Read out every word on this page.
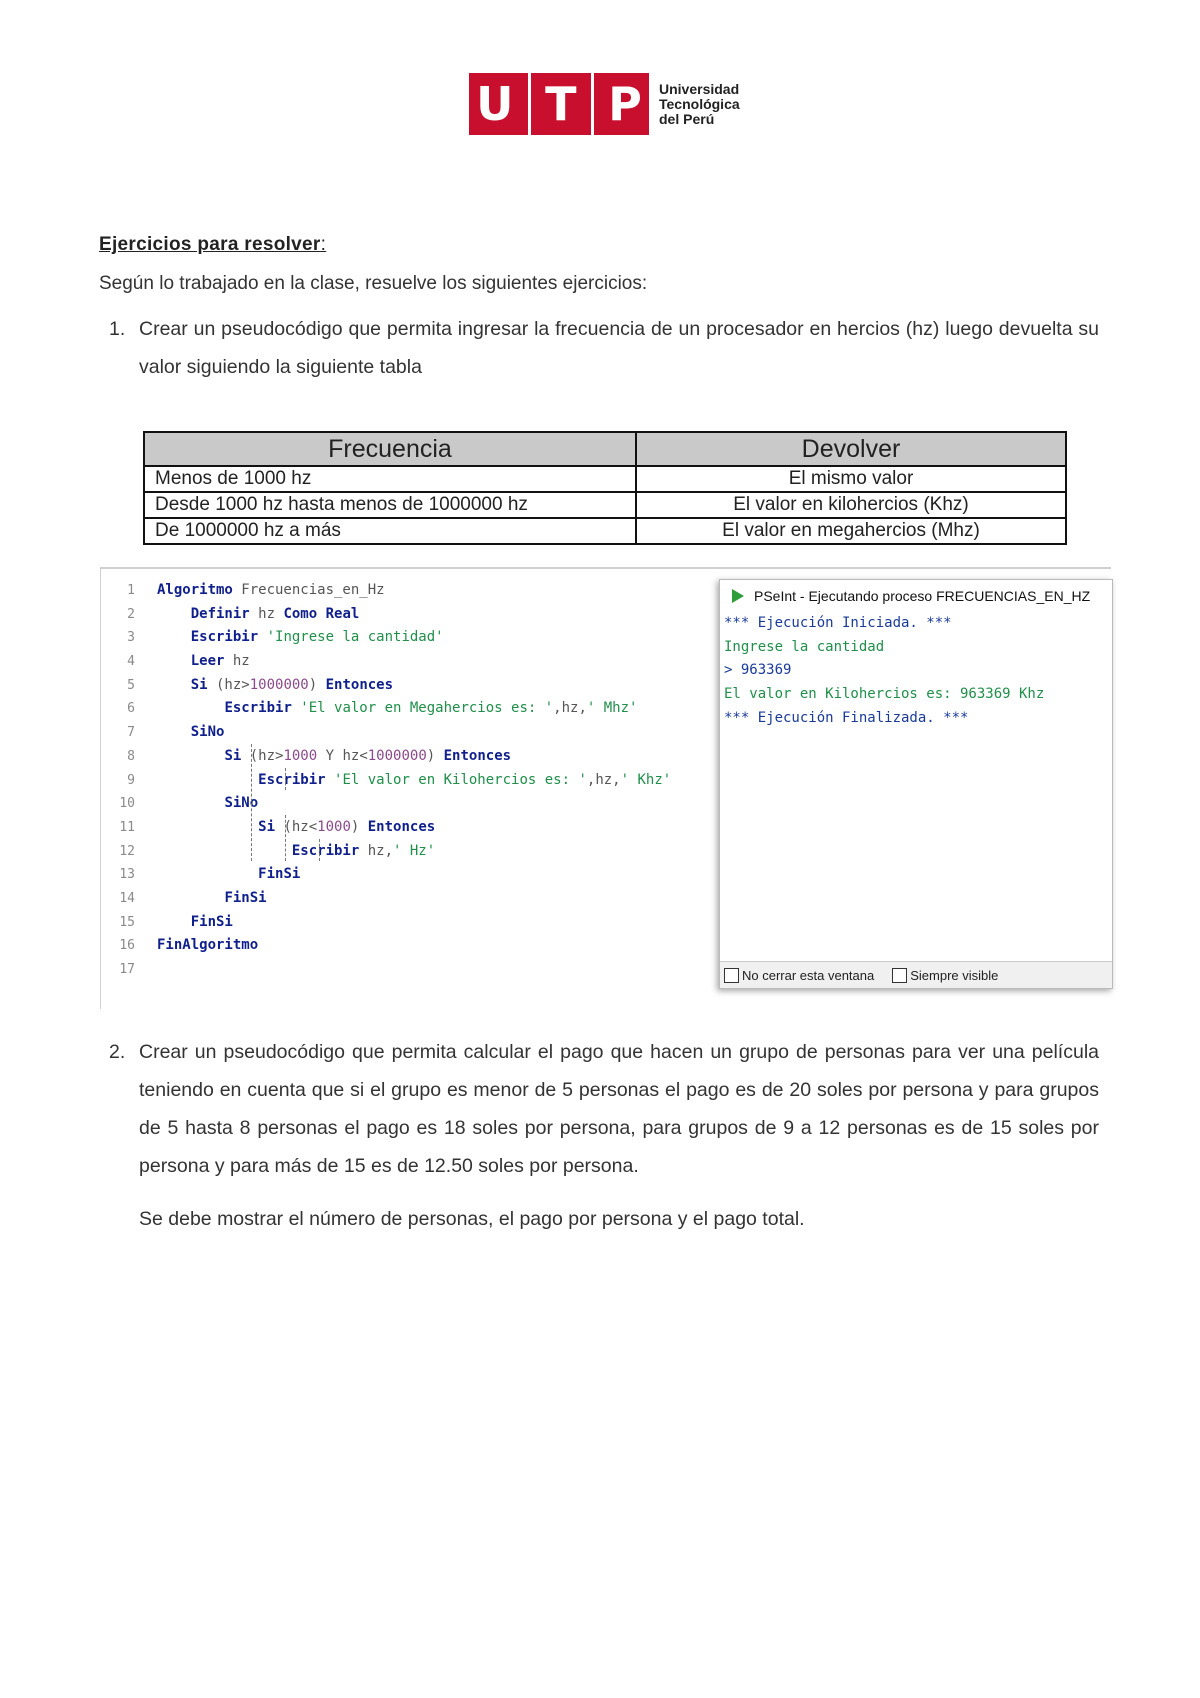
U T P Universidad
Tecnológica
del Perú
Ejercicios para resolver:
Según lo trabajado en la clase, resuelve los siguientes ejercicios:
1. Crear un pseudocódigo que permita ingresar la frecuencia de un procesador en hercios (hz) luego devuelta su valor siguiendo la siguiente tabla
Frecuencia	Devolver
Menos de 1000 hz	El mismo valor
Desde 1000 hz hasta menos de 1000000 hz	El valor en kilohercios (Khz)
De 1000000 hz a más	El valor en megahercios (Mhz)
1 Algoritmo Frecuencias_en_Hz
2	Definir hz Como Real
3	Escribir 'Ingrese la cantidad'
4	Leer hz
5	Si (hz>1000000) Entonces
6	Escribir 'El valor en Megahercios es: ',hz,' Mhz'
7	SiNo
8	Si (hz>1000 Y hz<1000000) Entonces
9	Escribir 'El valor en Kilohercios es: ',hz,' Khz'
10	SiNo
11	Si (hz<1000) Entonces
12	Escribir hz,' Hz'
13	FinSi
14	FinSi
15	FinSi
16 FinAlgoritmo
17
PSeInt - Ejecutando proceso FRECUENCIAS_EN_HZ
*** Ejecución Iniciada. ***
Ingrese la cantidad
> 963369
El valor en Kilohercios es: 963369 Khz
*** Ejecución Finalizada. ***
No cerrar esta ventana	Siempre visible
2. Crear un pseudocódigo que permita calcular el pago que hacen un grupo de personas para ver una película teniendo en cuenta que si el grupo es menor de 5 personas el pago es de 20 soles por persona y para grupos de 5 hasta 8 personas el pago es 18 soles por persona, para grupos de 9 a 12 personas es de 15 soles por persona y para más de 15 es de 12.50 soles por persona.
Se debe mostrar el número de personas, el pago por persona y el pago total.
